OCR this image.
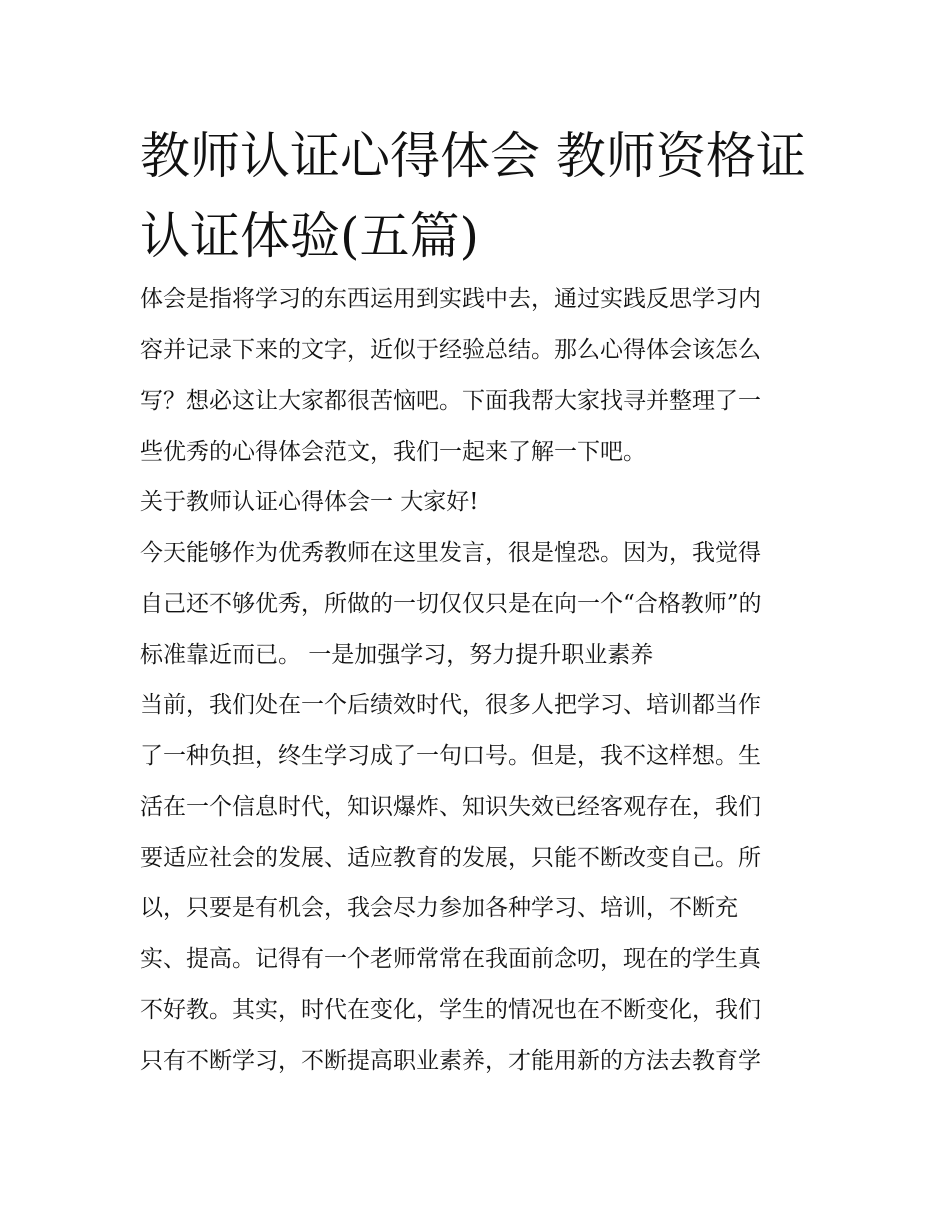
教师认证心得体会 教师资格证认证体验(五篇)

体会是指将学习的东西运用到实践中去，通过实践反思学习内

容并记录下来的文字，近似于经验总结。那么心得体会该怎么

写？想必这让大家都很苦恼吧。下面我帮大家找寻并整理了一

些优秀的心得体会范文，我们一起来了解一下吧。

关于教师认证心得体会一 大家好!

今天能够作为优秀教师在这里发言，很是惶恐。因为，我觉得

自己还不够优秀，所做的一切仅仅只是在向一个“合格教师”的

标准靠近而已。 一是加强学习，努力提升职业素养

当前，我们处在一个后绩效时代，很多人把学习、培训都当作

了一种负担，终生学习成了一句口号。但是，我不这样想。生

活在一个信息时代，知识爆炸、知识失效已经客观存在，我们

要适应社会的发展、适应教育的发展，只能不断改变自己。所

以，只要是有机会，我会尽力参加各种学习、培训，不断充

实、提高。记得有一个老师常常在我面前念叨，现在的学生真

不好教。其实，时代在变化，学生的情况也在不断变化，我们

只有不断学习，不断提高职业素养，才能用新的方法去教育学
